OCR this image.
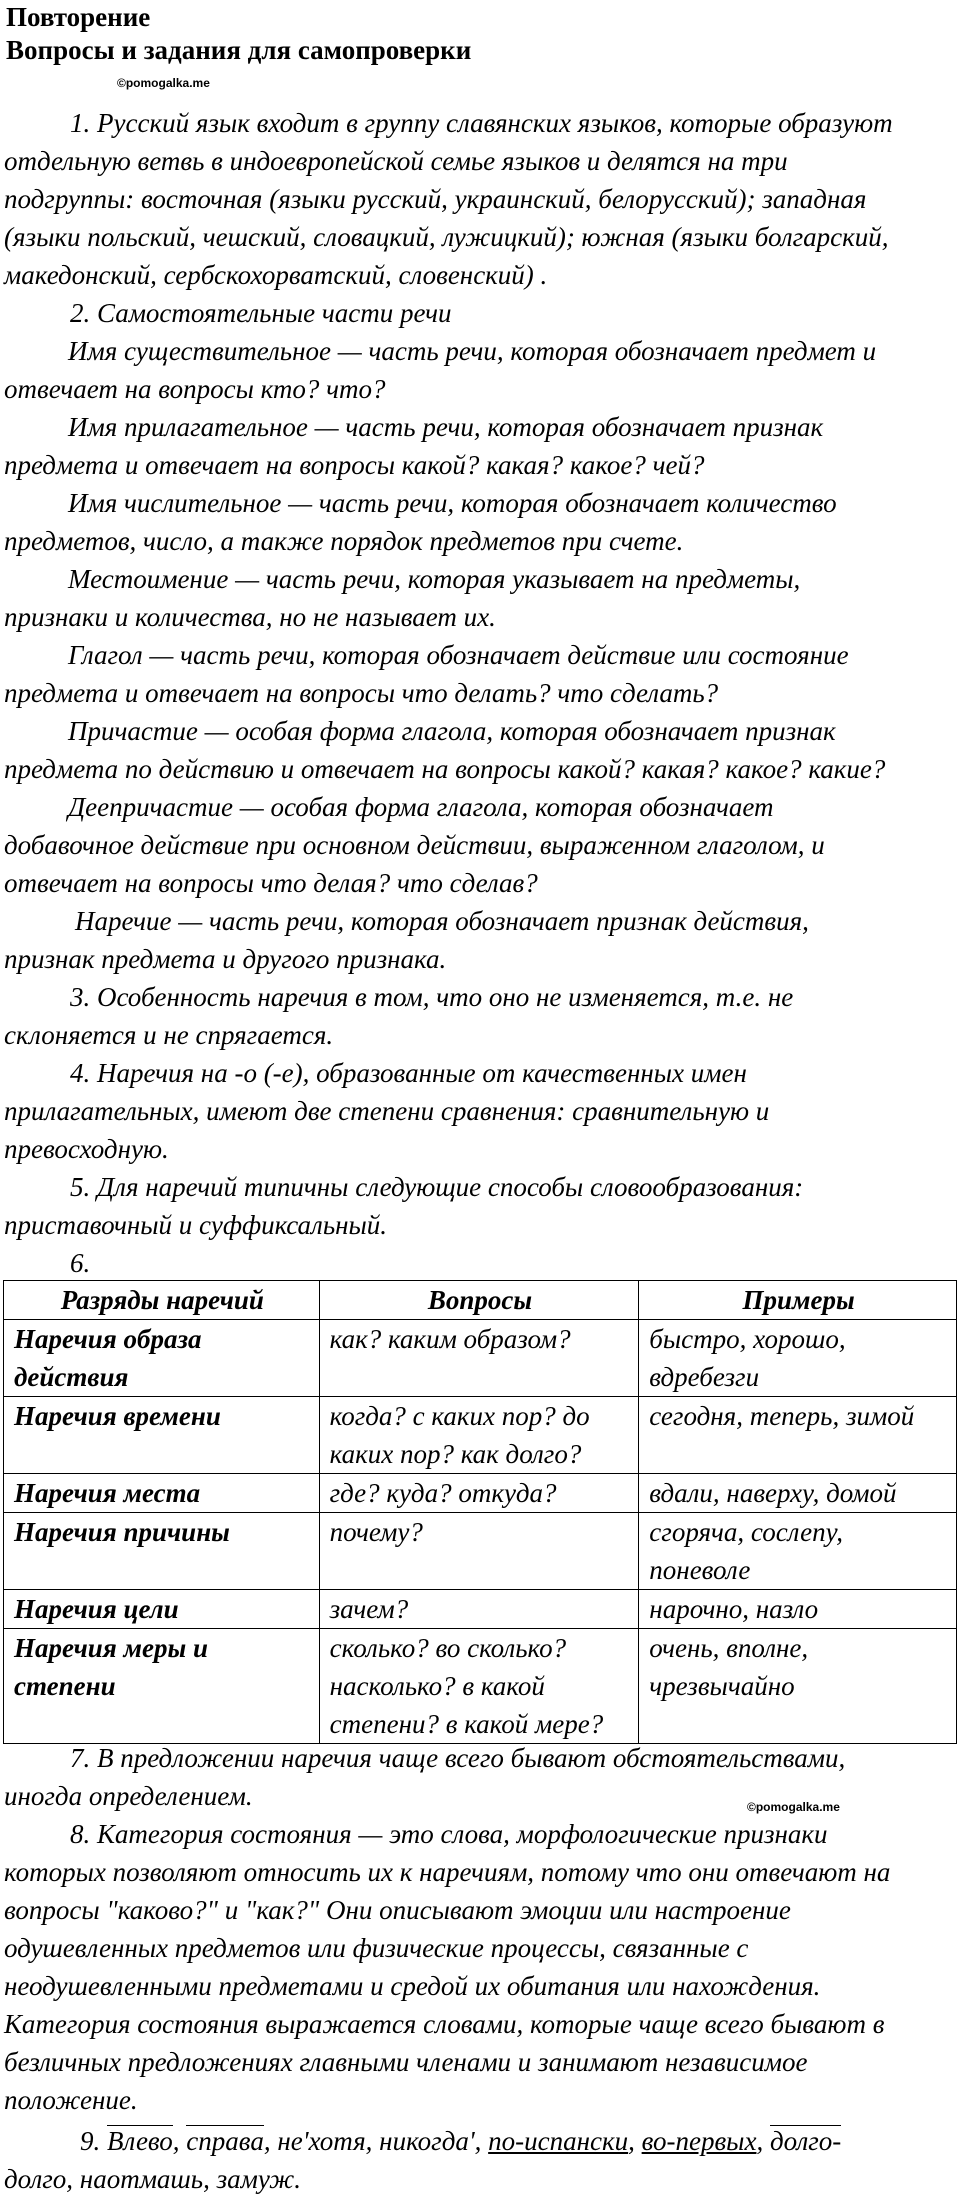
Повторение
Вопросы и задания для самопроверки
©pomogalka.me
1. Русский язык входит в группу славянских языков, которые образуют
отдельную ветвь в индоевропейской семье языков и делятся на три
подгруппы: восточная (языки русский, украинский, белорусский); западная
(языки польский, чешский, словацкий, лужицкий); южная (языки болгарский,
македонский, сербскохорватский, словенский) .
2. Самостоятельные части речи
Имя существительное — часть речи, которая обозначает предмет и
отвечает на вопросы кто? что?
Имя прилагательное — часть речи, которая обозначает признак
предмета и отвечает на вопросы какой? какая? какое? чей?
Имя числительное — часть речи, которая обозначает количество
предметов, число, а также порядок предметов при счете.
Местоимение — часть речи, которая указывает на предметы,
признаки и количества, но не называет их.
Глагол — часть речи, которая обозначает действие или состояние
предмета и отвечает на вопросы что делать? что сделать?
Причастие — особая форма глагола, которая обозначает признак
предмета по действию и отвечает на вопросы какой? какая? какое? какие?
Деепричастие — особая форма глагола, которая обозначает
добавочное действие при основном действии, выраженном глаголом, и
отвечает на вопросы что делая? что сделав?
Наречие — часть речи, которая обозначает признак действия,
признак предмета и другого признака.
3. Особенность наречия в том, что оно не изменяется, т.е. не
склоняется и не спрягается.
4. Наречия на -о (-е), образованные от качественных имен
прилагательных, имеют две степени сравнения: сравнительную и
превосходную.
5. Для наречий типичны следующие способы словообразования:
приставочный и суффиксальный.
6.
Разряды наречий	Вопросы	Примеры
Наречия образа действия	как? каким образом?	быстро, хорошо, вдребезги
Наречия времени	когда? с каких пор? до каких пор? как долго?	сегодня, теперь, зимой
Наречия места	где? куда? откуда?	вдали, наверху, домой
Наречия причины	почему?	сгоряча, сослепу, поневоле
Наречия цели	зачем?	нарочно, назло
Наречия меры и степени	сколько? во сколько? насколько? в какой степени? в какой мере?	очень, вполне, чрезвычайно
7. В предложении наречия чаще всего бывают обстоятельствами,
иногда определением.	©pomogalka.me
8. Категория состояния — это слова, морфологические признаки
которых позволяют относить их к наречиям, потому что они отвечают на
вопросы "каково?" и "как?" Они описывают эмоции или настроение
одушевленных предметов или физические процессы, связанные с
неодушевленными предметами и средой их обитания или нахождения.
Категория состояния выражается словами, которые чаще всего бывают в
безличных предложениях главными членами и занимают независимое
положение.
9. Влево, справа, не'хотя, никогда', по-испански, во-первых, долго-
долго, наотмашь, замуж.
